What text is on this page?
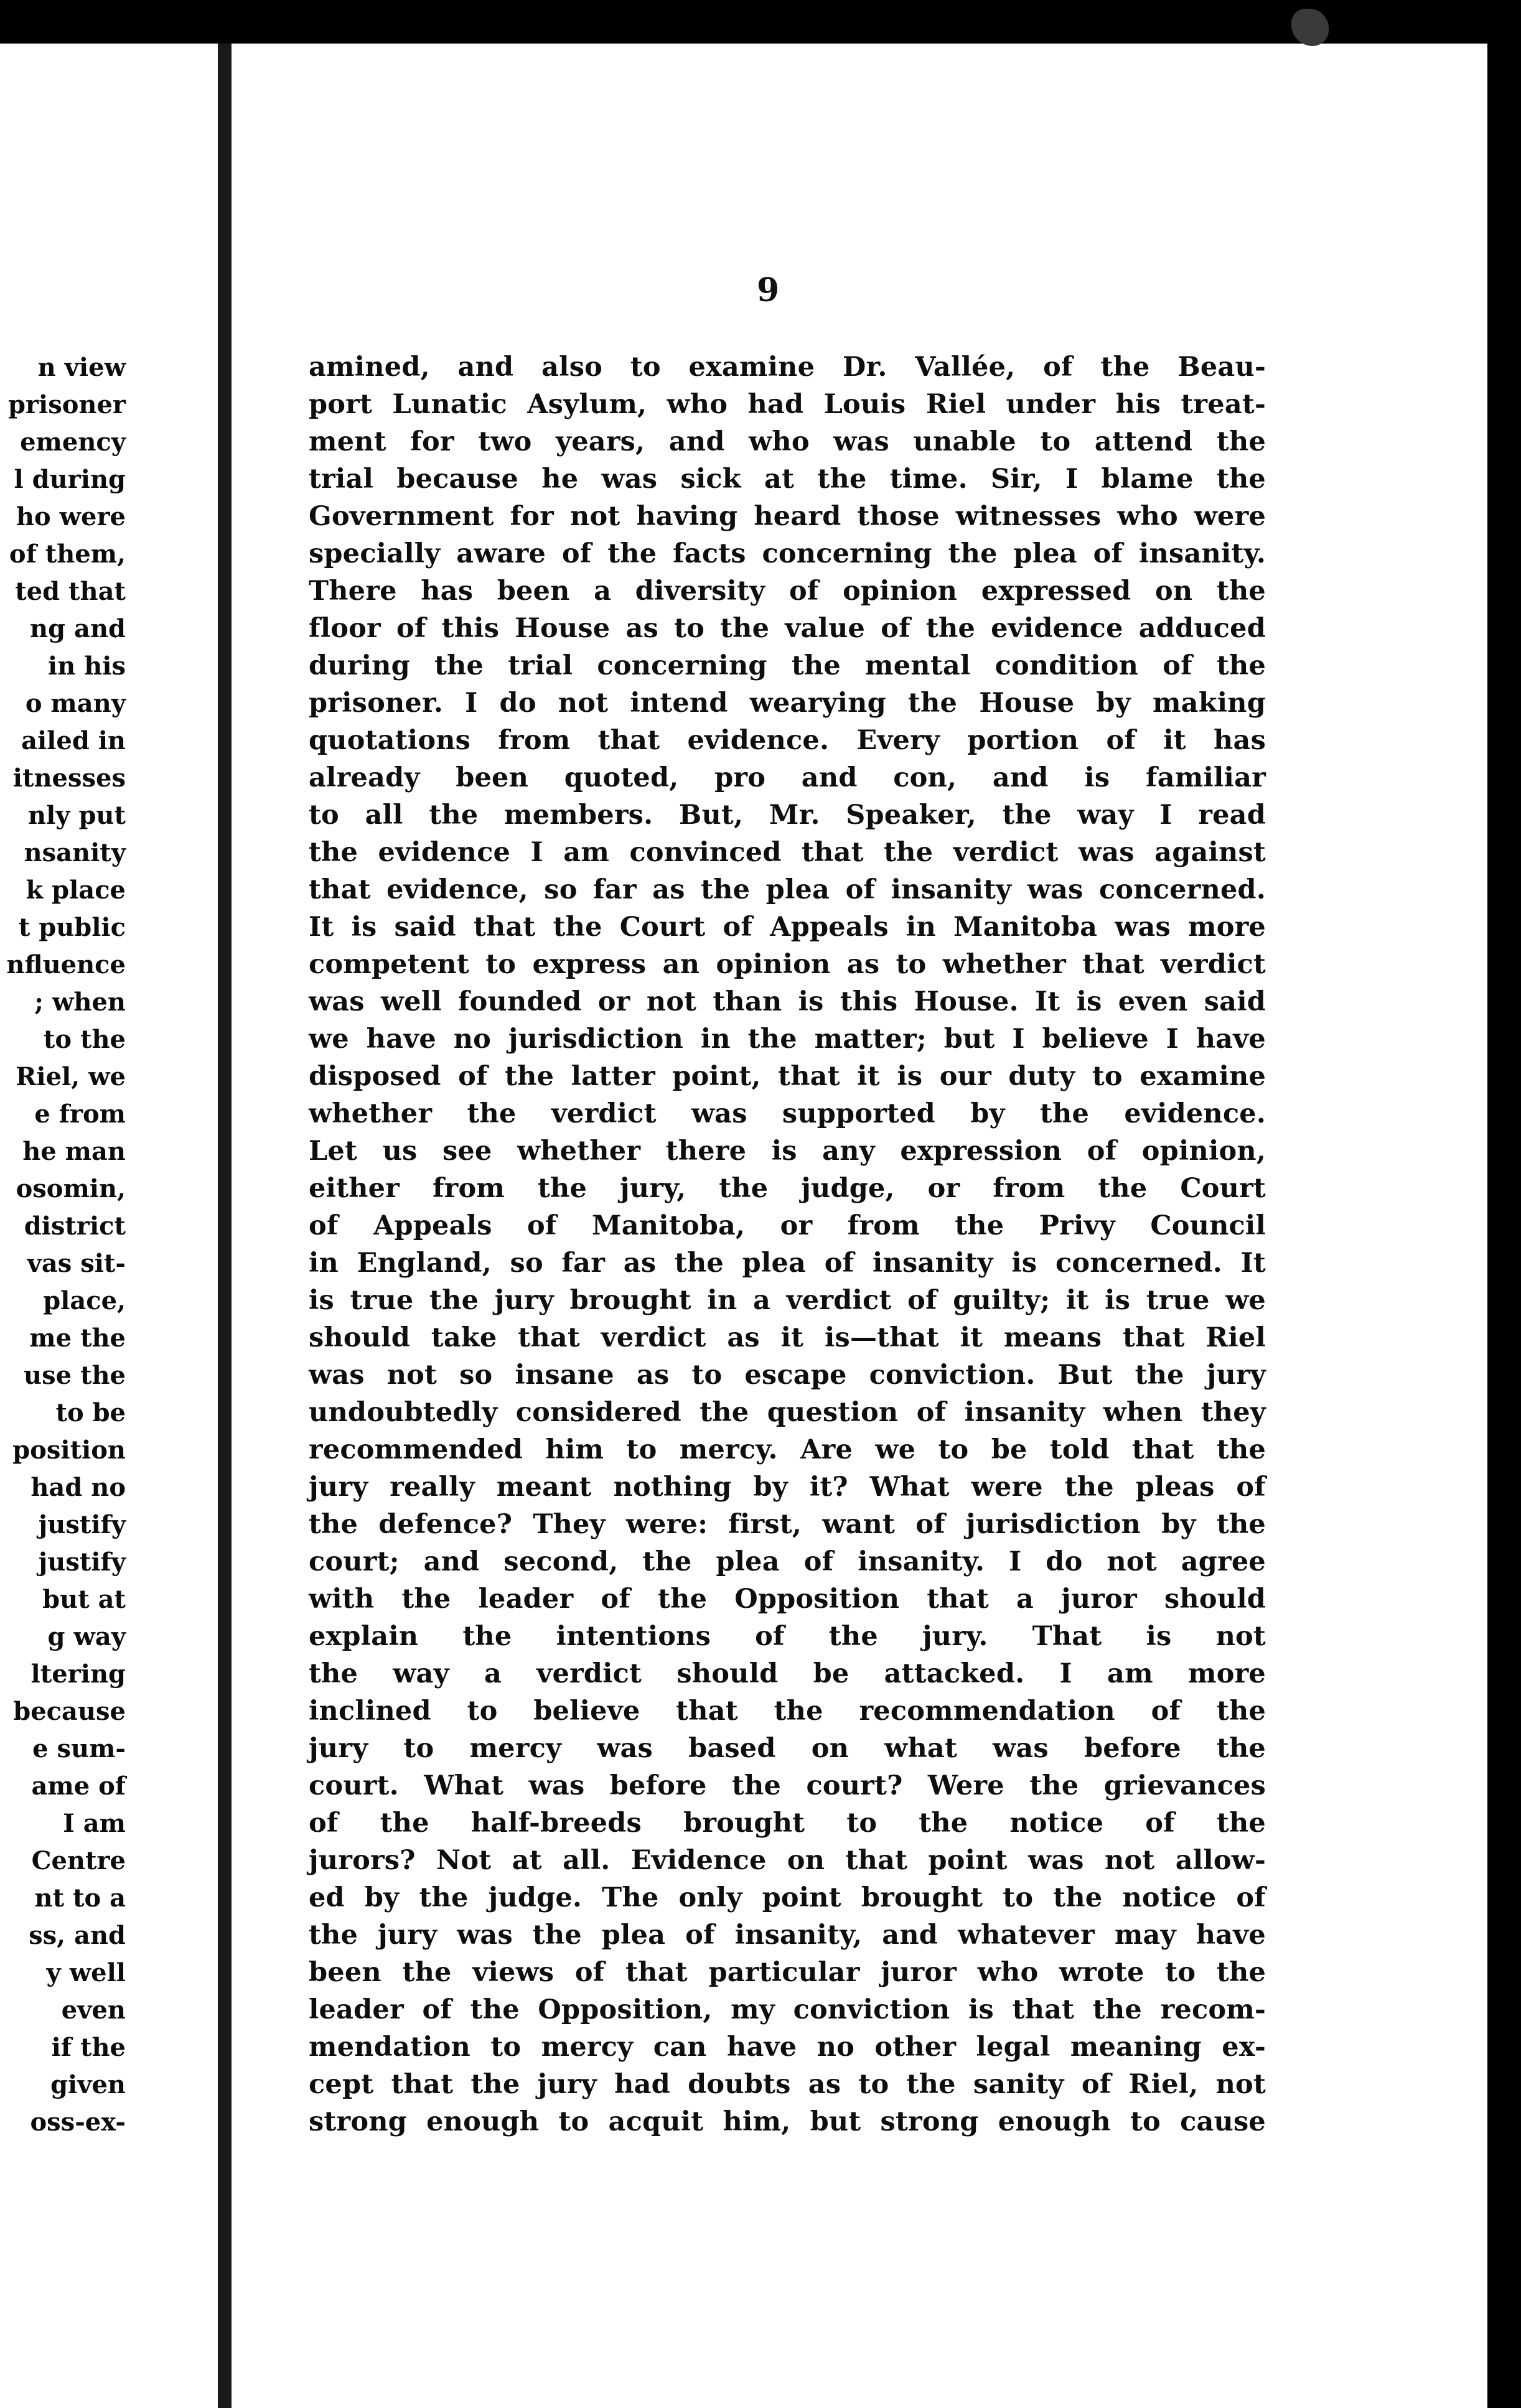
n view
prisoner
emency
l during
ho were
of them,
ted that
ng and
in his
o many
ailed in
itnesses
nly put
nsanity
k place
t public
nfluence
; when
to the
Riel, we
e from
he man
osomin,
district
vas sit-
place,
me the
use the
to be
position
had no
justify
justify
but at
g way
ltering
because
e sum-
ame of
I am
Centre
nt to a
ss, and
y well
even
if the
given
oss-ex-
9
amined, and also to examine Dr. Vallée, of the Beau-
port Lunatic Asylum, who had Louis Riel under his treat-
ment for two years, and who was unable to attend the
trial because he was sick at the time. Sir, I blame the
Government for not having heard those witnesses who were
specially aware of the facts concerning the plea of insanity.
There has been a diversity of opinion expressed on the
floor of this House as to the value of the evidence adduced
during the trial concerning the mental condition of the
prisoner. I do not intend wearying the House by making
quotations from that evidence. Every portion of it has
already been quoted, pro and con, and is familiar
to all the members. But, Mr. Speaker, the way I read
the evidence I am convinced that the verdict was against
that evidence, so far as the plea of insanity was concerned.
It is said that the Court of Appeals in Manitoba was more
competent to express an opinion as to whether that verdict
was well founded or not than is this House. It is even said
we have no jurisdiction in the matter; but I believe I have
disposed of the latter point, that it is our duty to examine
whether the verdict was supported by the evidence.
Let us see whether there is any expression of opinion,
either from the jury, the judge, or from the Court
of Appeals of Manitoba, or from the Privy Council
in England, so far as the plea of insanity is concerned. It
is true the jury brought in a verdict of guilty; it is true we
should take that verdict as it is—that it means that Riel
was not so insane as to escape conviction. But the jury
undoubtedly considered the question of insanity when they
recommended him to mercy. Are we to be told that the
jury really meant nothing by it? What were the pleas of
the defence? They were: first, want of jurisdiction by the
court; and second, the plea of insanity. I do not agree
with the leader of the Opposition that a juror should
explain the intentions of the jury. That is not
the way a verdict should be attacked. I am more
inclined to believe that the recommendation of the
jury to mercy was based on what was before the
court. What was before the court? Were the grievances
of the half-breeds brought to the notice of the
jurors? Not at all. Evidence on that point was not allow-
ed by the judge. The only point brought to the notice of
the jury was the plea of insanity, and whatever may have
been the views of that particular juror who wrote to the
leader of the Opposition, my conviction is that the recom-
mendation to mercy can have no other legal meaning ex-
cept that the jury had doubts as to the sanity of Riel, not
strong enough to acquit him, but strong enough to cause
